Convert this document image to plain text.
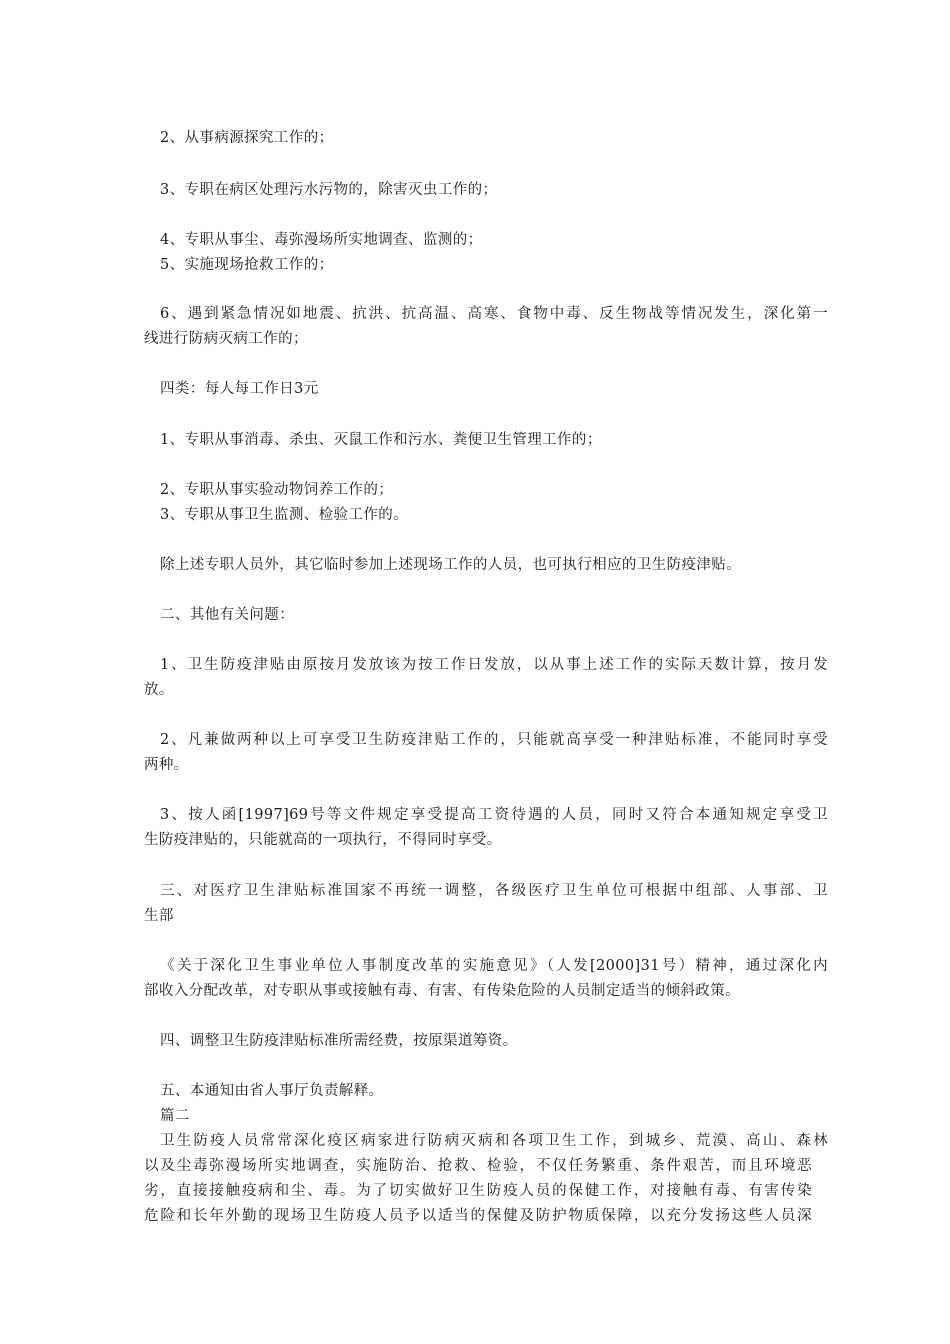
2、从事病源探究工作的；
3、专职在病区处理污水污物的，除害灭虫工作的；
4、专职从事尘、毒弥漫场所实地调查、监测的；
5、实施现场抢救工作的；
6、遇到紧急情况如地震、抗洪、抗高温、高寒、食物中毒、反生物战等情况发生，深化第一
线进行防病灭病工作的；
四类：每人每工作日3元
1、专职从事消毒、杀虫、灭鼠工作和污水、粪便卫生管理工作的；
2、专职从事实验动物饲养工作的；
3、专职从事卫生监测、检验工作的。
除上述专职人员外，其它临时参加上述现场工作的人员，也可执行相应的卫生防疫津贴。
二、其他有关问题：
1、卫生防疫津贴由原按月发放该为按工作日发放，以从事上述工作的实际天数计算，按月发
放。
2、凡兼做两种以上可享受卫生防疫津贴工作的，只能就高享受一种津贴标准，不能同时享受
两种。
3、按人函[1997]69号等文件规定享受提高工资待遇的人员，同时又符合本通知规定享受卫
生防疫津贴的，只能就高的一项执行，不得同时享受。
三、对医疗卫生津贴标准国家不再统一调整，各级医疗卫生单位可根据中组部、人事部、卫
生部
《关于深化卫生事业单位人事制度改革的实施意见》（人发[2000]31号）精神，通过深化内
部收入分配改革，对专职从事或接触有毒、有害、有传染危险的人员制定适当的倾斜政策。
四、调整卫生防疫津贴标准所需经费，按原渠道筹资。
五、本通知由省人事厅负责解释。
篇二
卫生防疫人员常常深化疫区病家进行防病灭病和各项卫生工作，到城乡、荒漠、高山、森林
以及尘毒弥漫场所实地调查，实施防治、抢救、检验，不仅任务繁重、条件艰苦，而且环境恶
劣，直接接触疫病和尘、毒。为了切实做好卫生防疫人员的保健工作，对接触有毒、有害传染
危险和长年外勤的现场卫生防疫人员予以适当的保健及防护物质保障，以充分发扬这些人员深
